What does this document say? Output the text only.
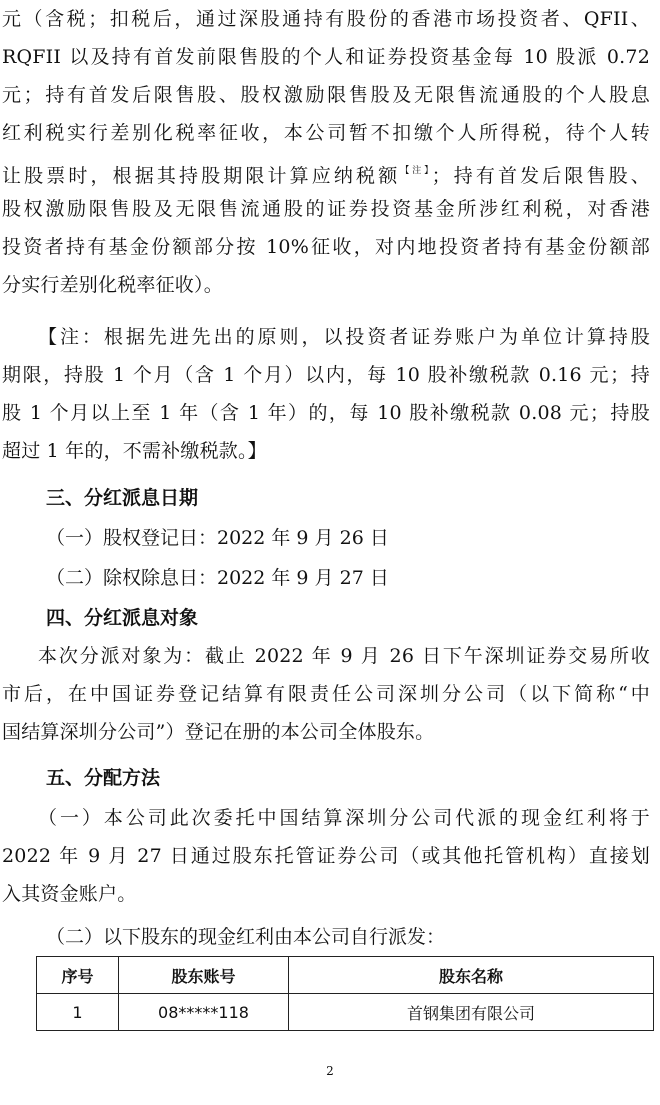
元（含税；扣税后，通过深股通持有股份的香港市场投资者、QFII、
RQFII 以及持有首发前限售股的个人和证券投资基金每 10 股派 0.72
元；持有首发后限售股、股权激励限售股及无限售流通股的个人股息
红利税实行差别化税率征收，本公司暂不扣缴个人所得税，待个人转
让股票时，根据其持股期限计算应纳税额$^{【注】}$；持有首发后限售股、
股权激励限售股及无限售流通股的证券投资基金所涉红利税，对香港
投资者持有基金份额部分按 10%征收，对内地投资者持有基金份额部
分实行差别化税率征收）。
【注：根据先进先出的原则，以投资者证券账户为单位计算持股
期限，持股 1 个月（含 1 个月）以内，每 10 股补缴税款 0.16 元；持
股 1 个月以上至 1 年（含 1 年）的，每 10 股补缴税款 0.08 元；持股
超过 1 年的，不需补缴税款。】
三、分红派息日期
（一）股权登记日：2022 年 9 月 26 日
（二）除权除息日：2022 年 9 月 27 日
四、分红派息对象
本次分派对象为：截止 2022 年 9 月 26 日下午深圳证券交易所收
市后，在中国证券登记结算有限责任公司深圳分公司（以下简称“中
国结算深圳分公司”）登记在册的本公司全体股东。
五、分配方法
（一）本公司此次委托中国结算深圳分公司代派的现金红利将于
2022 年 9 月 27 日通过股东托管证券公司（或其他托管机构）直接划
入其资金账户。
（二）以下股东的现金红利由本公司自行派发：
序号	股东账号	股东名称
1	08*****118	首钢集团有限公司
2
